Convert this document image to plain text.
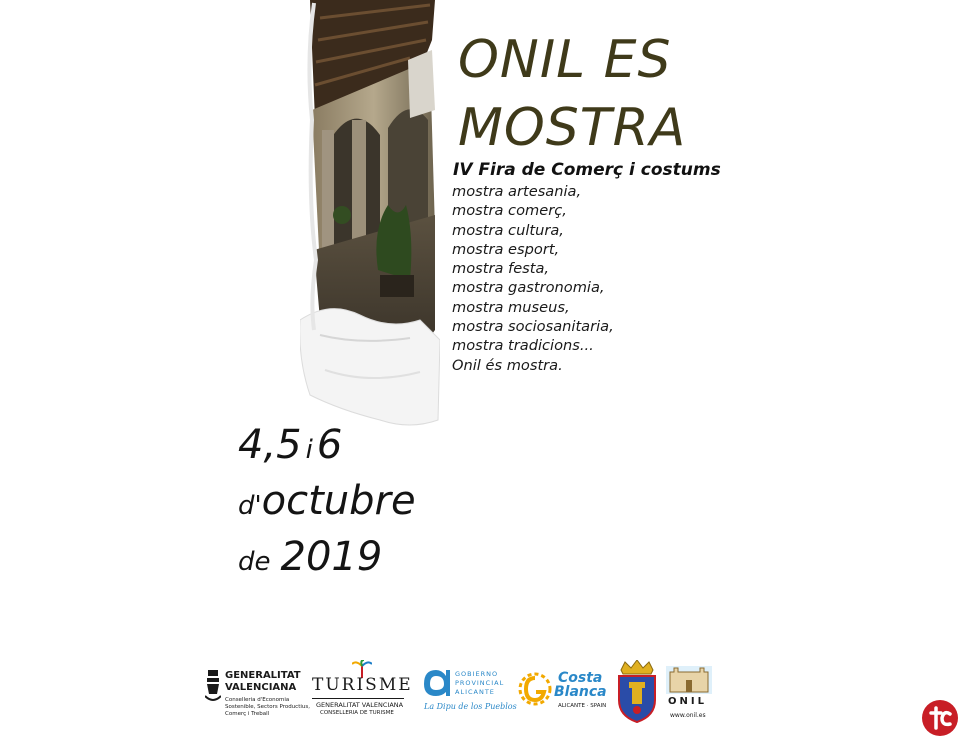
ONIL ES
MOSTRA
IV Fira de Comerç i costums
mostra artesania,
mostra comerç,
mostra cultura,
mostra esport,
mostra festa,
mostra gastronomia,
mostra museus,
mostra sociosanitaria,
mostra tradicions...
Onil és mostra.
4,5 i 6
d'octubre
de 2019
GENERALITAT
VALENCIANA
Conselleria d'Economia
Sostenible, Sectors Productius,
Comerç i Treball
TURISME
GENERALITAT VALENCIANA
CONSELLERIA DE TURISME
GOBIERNO
PROVINCIAL
ALICANTE
La Dipu de los Pueblos
Costa
Blanca
ALICANTE · SPAIN	ONIL
www.onil.es
